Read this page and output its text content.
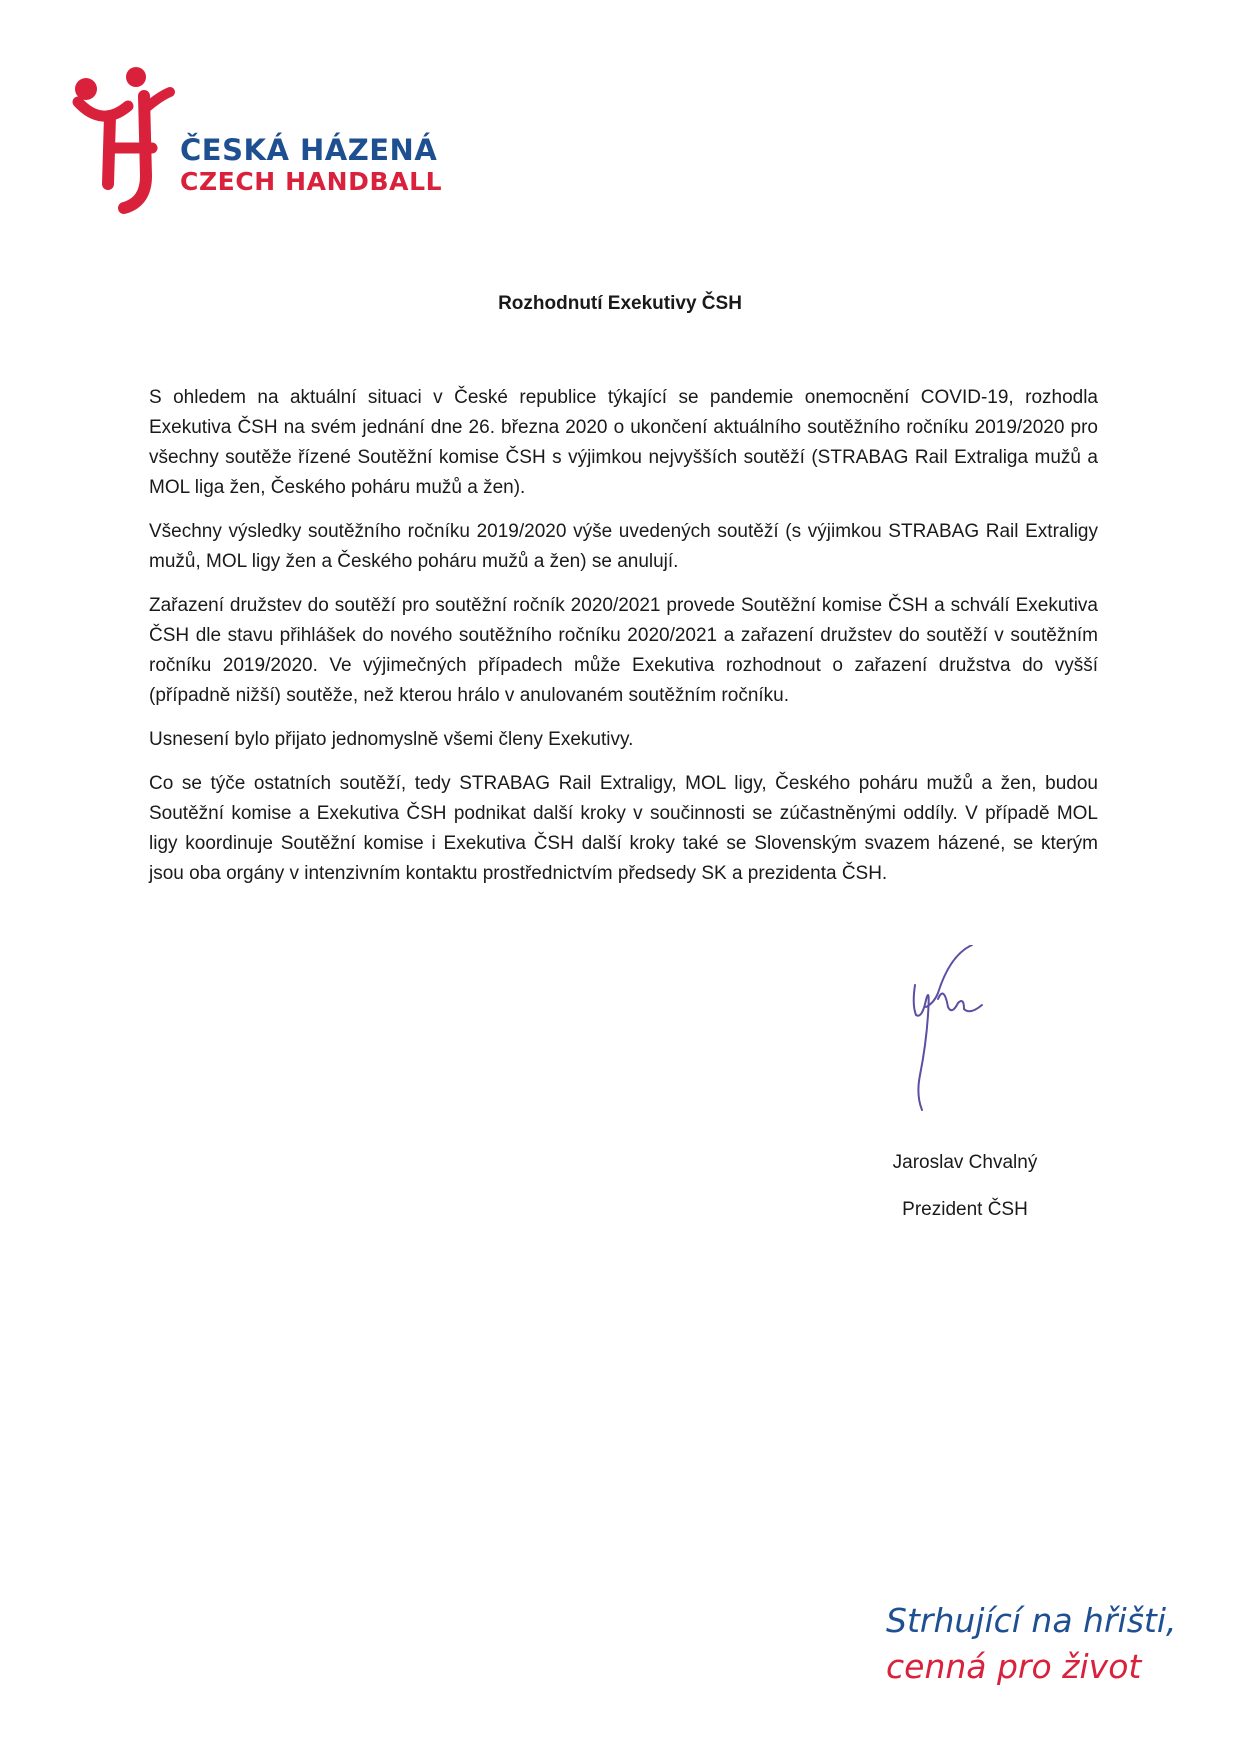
ČESKÁ HÁZENÁ
CZECH HANDBALL
Rozhodnutí Exekutivy ČSH

S ohledem na aktuální situaci v České republice týkající se pandemie onemocnění COVID-19, rozhodla Exekutiva ČSH na svém jednání dne 26. března 2020 o ukončení aktuálního soutěžního ročníku 2019/2020 pro všechny soutěže řízené Soutěžní komise ČSH s výjimkou nejvyšších soutěží (STRABAG Rail Extraliga mužů a MOL liga žen, Českého poháru mužů a žen).

Všechny výsledky soutěžního ročníku 2019/2020 výše uvedených soutěží (s výjimkou STRABAG Rail Extraligy mužů, MOL ligy žen a Českého poháru mužů a žen) se anulují.

Zařazení družstev do soutěží pro soutěžní ročník 2020/2021 provede Soutěžní komise ČSH a schválí Exekutiva ČSH dle stavu přihlášek do nového soutěžního ročníku 2020/2021 a zařazení družstev do soutěží v soutěžním ročníku 2019/2020. Ve výjimečných případech může Exekutiva rozhodnout o zařazení družstva do vyšší (případně nižší) soutěže, než kterou hrálo v anulovaném soutěžním ročníku.

Usnesení bylo přijato jednomyslně všemi členy Exekutivy.

Co se týče ostatních soutěží, tedy STRABAG Rail Extraligy, MOL ligy, Českého poháru mužů a žen, budou Soutěžní komise a Exekutiva ČSH podnikat další kroky v součinnosti se zúčastněnými oddíly. V případě MOL ligy koordinuje Soutěžní komise i Exekutiva ČSH další kroky také se Slovenským svazem házené, se kterým jsou oba orgány v intenzivním kontaktu prostřednictvím předsedy SK a prezidenta ČSH.

Jaroslav Chvalný
Prezident ČSH
Strhující na hřišti,
cenná pro život
